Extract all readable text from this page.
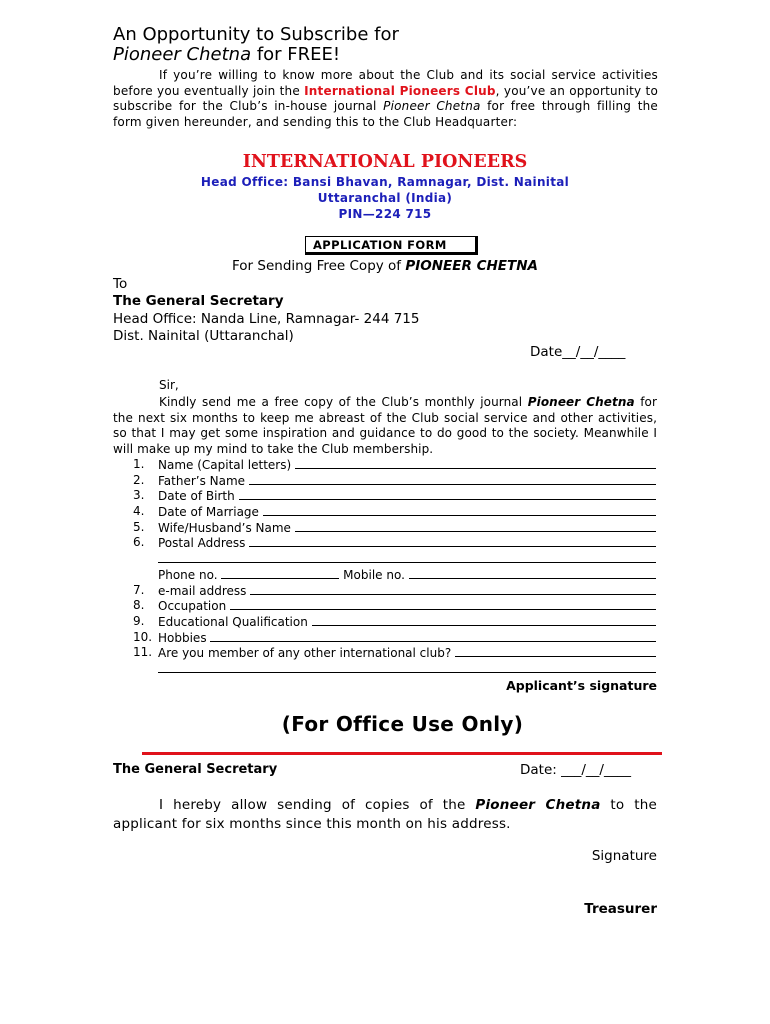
An Opportunity to Subscribe for
Pioneer Chetna for FREE!
If you’re willing to know more about the Club and its social service activities before you eventually join the International Pioneers Club, you’ve an opportunity to subscribe for the Club’s in-house journal Pioneer Chetna for free through filling the form given hereunder, and sending this to the Club Headquarter:
INTERNATIONAL PIONEERS
Head Office: Bansi Bhavan, Ramnagar, Dist. Nainital
Uttaranchal (India)
PIN—224 715
APPLICATION FORM
For Sending Free Copy of PIONEER CHETNA
To
The General Secretary
Head Office: Nanda Line, Ramnagar- 244 715
Dist. Nainital (Uttaranchal)
Date__/__/____
Sir,
Kindly send me a free copy of the Club’s monthly journal Pioneer Chetna for the next six months to keep me abreast of the Club social service and other activities, so that I may get some inspiration and guidance to do good to the society. Meanwhile I will make up my mind to take the Club membership.
1.	Name (Capital letters)
2.	Father’s Name
3.	Date of Birth
4.	Date of Marriage
5.	Wife/Husband’s Name
6.	Postal Address
Phone no.	Mobile no.
7.	e-mail address
8.	Occupation
9.	Educational Qualification
10. Hobbies
11. Are you member of any other international club?
Applicant’s signature
(For Office Use Only)
The General Secretary	Date: ___/__/____
I hereby allow sending of copies of the Pioneer Chetna to the applicant for six months since this month on his address.
Signature
Treasurer
